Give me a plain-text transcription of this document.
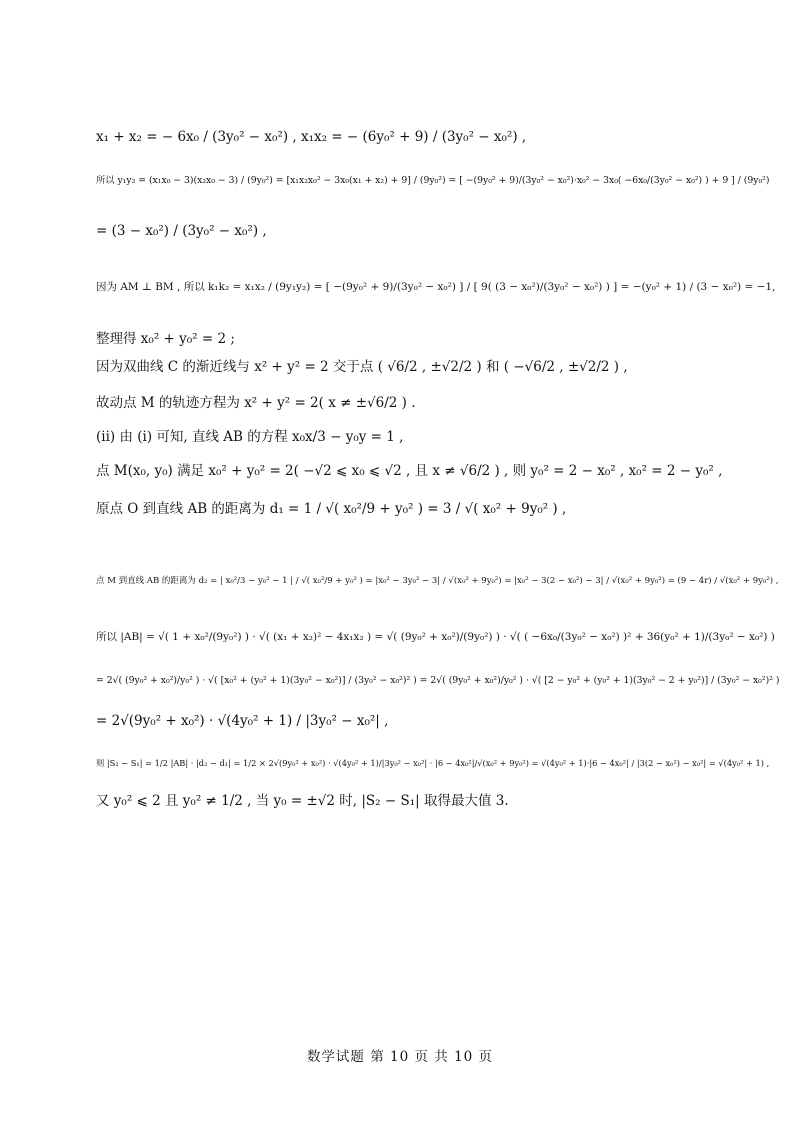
x₁ + x₂ = − 6x₀ / (3y₀² − x₀²) , x₁x₂ = − (6y₀² + 9) / (3y₀² − x₀²) ,
所以 y₁y₂ = (x₁x₀ − 3)(x₂x₀ − 3) / (9y₀²) = [x₁x₂x₀² − 3x₀(x₁ + x₂) + 9] / (9y₀²) = [ −(9y₀² + 9)/(3y₀² − x₀²)·x₀² − 3x₀( −6x₀/(3y₀² − x₀²) ) + 9 ] / (9y₀²)
= (3 − x₀²) / (3y₀² − x₀²) ,
因为 AM ⊥ BM , 所以 k₁k₂ = x₁x₂ / (9y₁y₂) = [ −(9y₀² + 9)/(3y₀² − x₀²) ] / [ 9( (3 − x₀²)/(3y₀² − x₀²) ) ] = −(y₀² + 1) / (3 − x₀²) = −1,
整理得 x₀² + y₀² = 2 ;
因为双曲线 C 的渐近线与 x² + y² = 2 交于点 ( √6/2 , ±√2/2 ) 和 ( −√6/2 , ±√2/2 ) ,
故动点 M 的轨迹方程为 x² + y² = 2( x ≠ ±√6/2 ) .
(ii) 由 (i) 可知, 直线 AB 的方程 x₀x/3 − y₀y = 1 ,
点 M(x₀, y₀) 满足 x₀² + y₀² = 2( −√2 ⩽ x₀ ⩽ √2 , 且 x ≠ √6/2 ) , 则 y₀² = 2 − x₀² , x₀² = 2 − y₀² ,
原点 O 到直线 AB 的距离为 d₁ = 1 / √( x₀²/9 + y₀² ) = 3 / √( x₀² + 9y₀² ) ,
点 M 到直线 AB 的距离为 d₂ = | x₀²/3 − y₀² − 1 | / √( x₀²/9 + y₀² ) = |x₀² − 3y₀² − 3| / √(x₀² + 9y₀²) = |x₀² − 3(2 − x₀²) − 3| / √(x₀² + 9y₀²) = (9 − 4r) / √(x₀² + 9y₀²) ,
所以 |AB| = √( 1 + x₀²/(9y₀²) ) · √( (x₁ + x₂)² − 4x₁x₂ ) = √( (9y₀² + x₀²)/(9y₀²) ) · √( ( −6x₀/(3y₀² − x₀²) )² + 36(y₀² + 1)/(3y₀² − x₀²) )
= 2√( (9y₀² + x₀²)/y₀² ) · √( [x₀² + (y₀² + 1)(3y₀² − x₀²)] / (3y₀² − x₀²)² ) = 2√( (9y₀² + x₀²)/y₀² ) · √( [2 − y₀² + (y₀² + 1)(3y₀² − 2 + y₀²)] / (3y₀² − x₀²)² )
= 2√(9y₀² + x₀²) · √(4y₀² + 1) / |3y₀² − x₀²| ,
则 |S₂ − S₁| = 1/2 |AB| · |d₂ − d₁| = 1/2 × 2√(9y₀² + x₀²) · √(4y₀² + 1)/|3y₀² − x₀²| · |6 − 4x₀²|/√(x₀² + 9y₀²) = √(4y₀² + 1)·|6 − 4x₀²| / |3(2 − x₀²) − x₀²| = √(4y₀² + 1) ,
又 y₀² ⩽ 2 且 y₀² ≠ 1/2 , 当 y₀ = ±√2 时, |S₂ − S₁| 取得最大值 3.
数学试题 第 10 页 共 10 页
